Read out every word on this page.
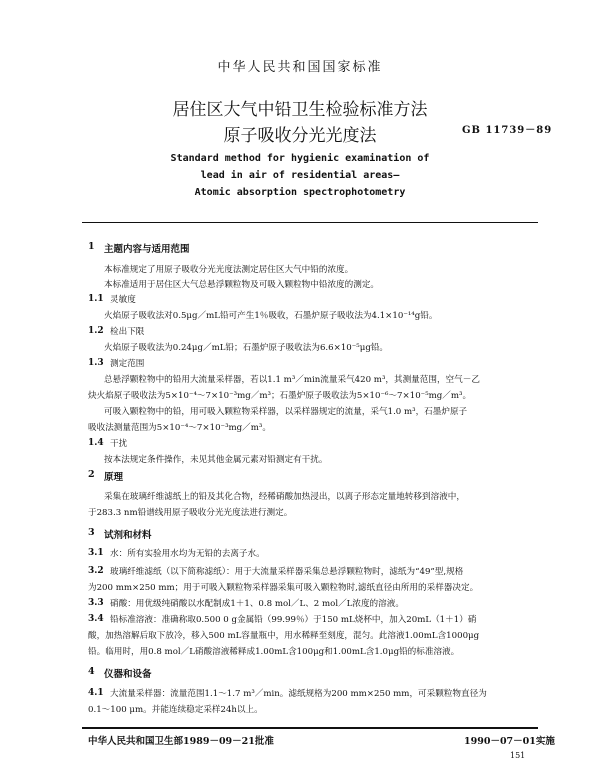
中华人民共和国国家标准
居住区大气中铅卫生检验标准方法
原子吸收分光光度法	GB 11739－89
Standard method for hygienic examination of
lead in air of residential areas—
Atomic absorption spectrophotometry
1 主题内容与适用范围
本标准规定了用原子吸收分光光度法测定居住区大气中铅的浓度。
本标准适用于居住区大气总悬浮颗粒物及可吸入颗粒物中铅浓度的测定。
1.1 灵敏度
火焰原子吸收法对0.5μg／mL铅可产生1％吸收，石墨炉原子吸收法为4.1×10⁻¹⁴g铅。
1.2 检出下限
火焰原子吸收法为0.24μg／mL铅；石墨炉原子吸收法为6.6×10⁻⁵μg铅。
1.3 测定范围
总悬浮颗粒物中的铅用大流量采样器，若以1.1 m³／min流量采气420 m³，其测量范围，空气－乙
炔火焰原子吸收法为5×10⁻⁴～7×10⁻³mg／m³；石墨炉原子吸收法为5×10⁻⁶～7×10⁻⁵mg／m³。
可吸入颗粒物中的铅，用可吸入颗粒物采样器，以采样器规定的流量，采气1.0 m³，石墨炉原子
吸收法测量范围为5×10⁻⁴～7×10⁻³mg／m³。
1.4 干扰
按本法规定条件操作，未见其他金属元素对铅测定有干扰。
2 原理
采集在玻璃纤维滤纸上的铅及其化合物，经稀硝酸加热浸出，以离子形态定量地转移到溶液中，
于283.3 nm铅谱线用原子吸收分光光度法进行测定。
3 试剂和材料
3.1 水：所有实验用水均为无铅的去离子水。
3.2 玻璃纤维滤纸（以下简称滤纸）：用于大流量采样器采集总悬浮颗粒物时，滤纸为“49”型,规格
为200 mm×250 mm；用于可吸入颗粒物采样器采集可吸入颗粒物时,滤纸直径由所用的采样器决定。
3.3 硝酸：用优级纯硝酸以水配制成1＋1、0.8 mol／L、2 mol／L浓度的溶液。
3.4 铅标准溶液：准确称取0.500 0 g金属铅（99.99％）于150 mL烧杯中，加入20mL（1＋1）硝
酸，加热溶解后取下放冷，移入500 mL容量瓶中，用水稀释至刻度，混匀。此溶液1.00mL含1000μg
铅。临用时，用0.8 mol／L硝酸溶液稀释成1.00mL含100μg和1.00mL含1.0μg铅的标准溶液。
4 仪器和设备
4.1 大流量采样器：流量范围1.1～1.7 m³／min。滤纸规格为200 mm×250 mm，可采颗粒物直径为
0.1～100 μm。并能连续稳定采样24h以上。
中华人民共和国卫生部1989－09－21批准	1990－07－01实施
151
